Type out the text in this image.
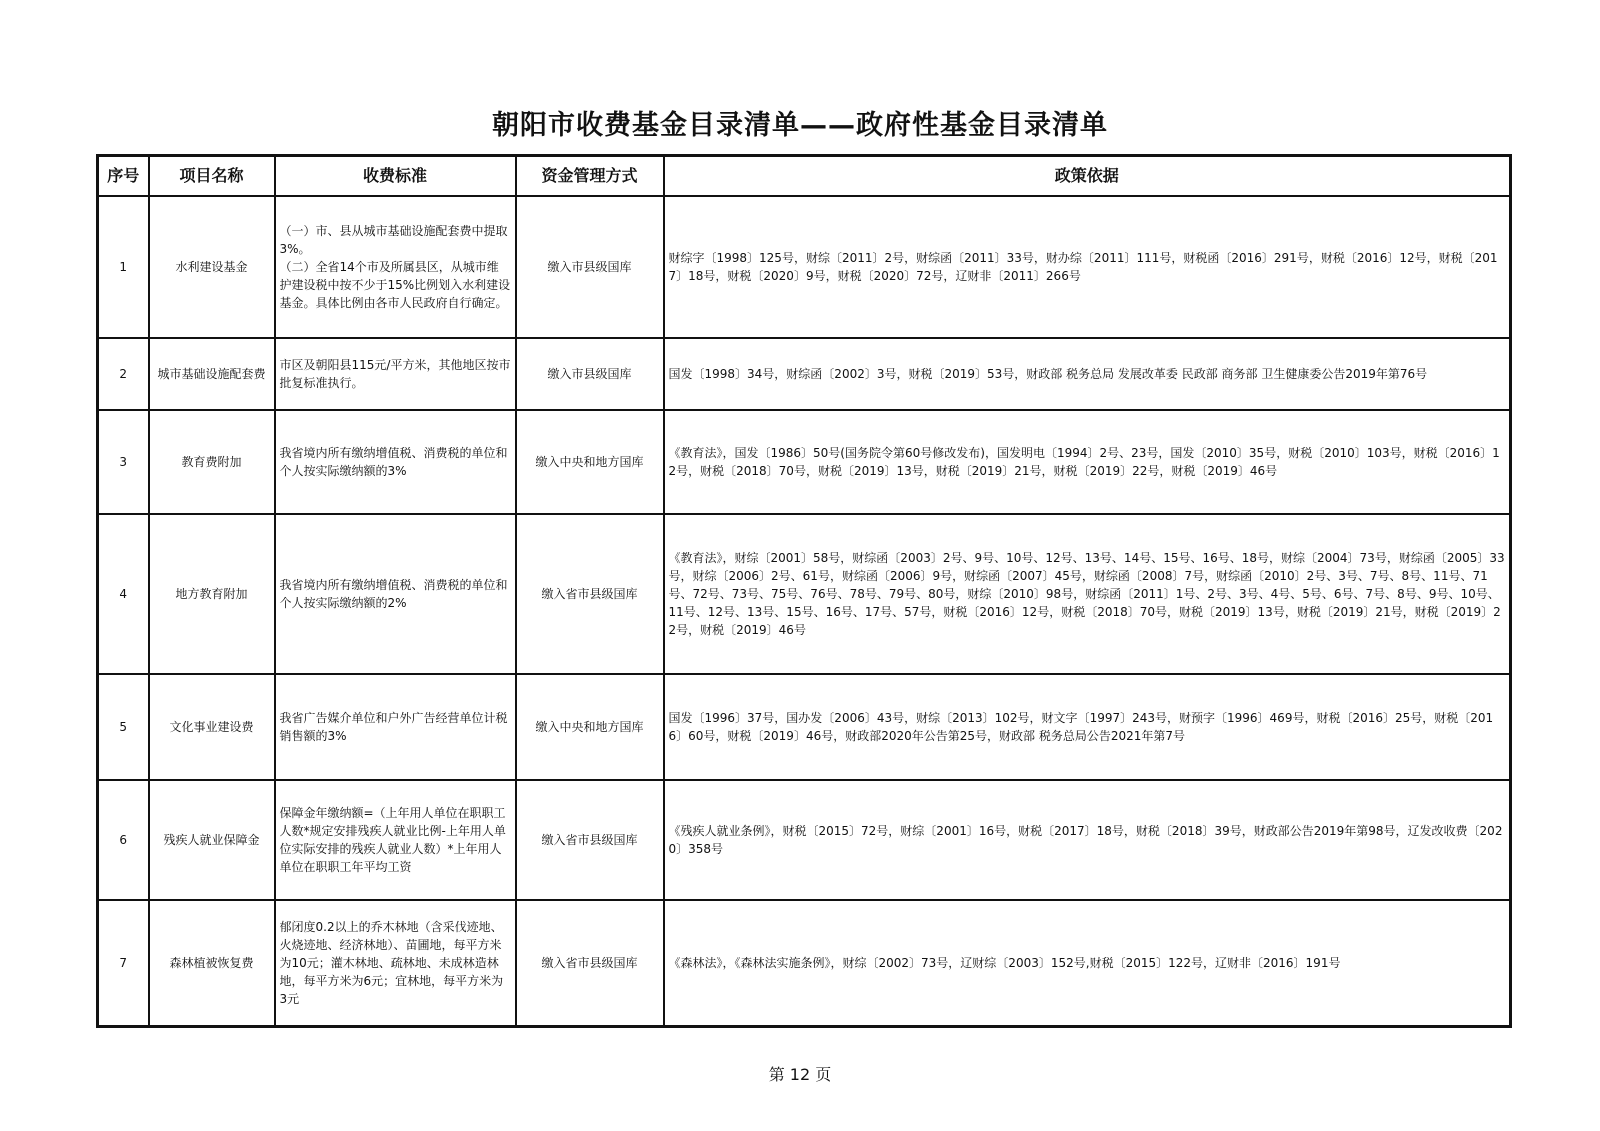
朝阳市收费基金目录清单——政府性基金目录清单
序号	项目名称	收费标准	资金管理方式	政策依据
1	水利建设基金	（一）市、县从城市基础设施配套费中提取3%。
（二）全省14个市及所属县区，从城市维护建设税中按不少于15%比例划入水利建设基金。具体比例由各市人民政府自行确定。	缴入市县级国库	财综字〔1998〕125号，财综〔2011〕2号，财综函〔2011〕33号，财办综〔2011〕111号，财税函〔2016〕291号，财税〔2016〕12号，财税〔2017〕18号，财税〔2020〕9号，财税〔2020〕72号，辽财非〔2011〕266号
2	城市基础设施配套费	市区及朝阳县115元/平方米，其他地区按市批复标准执行。	缴入市县级国库	国发〔1998〕34号，财综函〔2002〕3号，财税〔2019〕53号，财政部 税务总局 发展改革委 民政部 商务部 卫生健康委公告2019年第76号
3	教育费附加	我省境内所有缴纳增值税、消费税的单位和个人按实际缴纳额的3%	缴入中央和地方国库	《教育法》，国发〔1986〕50号(国务院令第60号修改发布)，国发明电〔1994〕2号、23号，国发〔2010〕35号，财税〔2010〕103号，财税〔2016〕12号，财税〔2018〕70号，财税〔2019〕13号，财税〔2019〕21号，财税〔2019〕22号，财税〔2019〕46号
4	地方教育附加	我省境内所有缴纳增值税、消费税的单位和个人按实际缴纳额的2%	缴入省市县级国库	《教育法》，财综〔2001〕58号，财综函〔2003〕2号、9号、10号、12号、13号、14号、15号、16号、18号，财综〔2004〕73号，财综函〔2005〕33号，财综〔2006〕2号、61号，财综函〔2006〕9号，财综函〔2007〕45号，财综函〔2008〕7号，财综函〔2010〕2号、3号、7号、8号、11号、71号、72号、73号、75号、76号、78号、79号、80号，财综〔2010〕98号，财综函〔2011〕1号、2号、3号、4号、5号、6号、7号、8号、9号、10号、11号、12号、13号、15号、16号、17号、57号，财税〔2016〕12号，财税〔2018〕70号，财税〔2019〕13号，财税〔2019〕21号，财税〔2019〕22号，财税〔2019〕46号
5	文化事业建设费	我省广告媒介单位和户外广告经营单位计税销售额的3%	缴入中央和地方国库	国发〔1996〕37号，国办发〔2006〕43号，财综〔2013〕102号，财文字〔1997〕243号，财预字〔1996〕469号，财税〔2016〕25号，财税〔2016〕60号，财税〔2019〕46号，财政部2020年公告第25号，财政部 税务总局公告2021年第7号
6	残疾人就业保障金	保障金年缴纳额=（上年用人单位在职职工人数*规定安排残疾人就业比例-上年用人单位实际安排的残疾人就业人数）*上年用人单位在职职工年平均工资	缴入省市县级国库	《残疾人就业条例》，财税〔2015〕72号，财综〔2001〕16号，财税〔2017〕18号，财税〔2018〕39号，财政部公告2019年第98号，辽发改收费〔2020〕358号
7	森林植被恢复费	郁闭度0.2以上的乔木林地（含采伐迹地、火烧迹地、经济林地）、苗圃地，每平方米为10元；灌木林地、疏林地、未成林造林地，每平方米为6元；宜林地，每平方米为3元	缴入省市县级国库	《森林法》，《森林法实施条例》，财综〔2002〕73号，辽财综〔2003〕152号,财税〔2015〕122号，辽财非〔2016〕191号
第 12 页
